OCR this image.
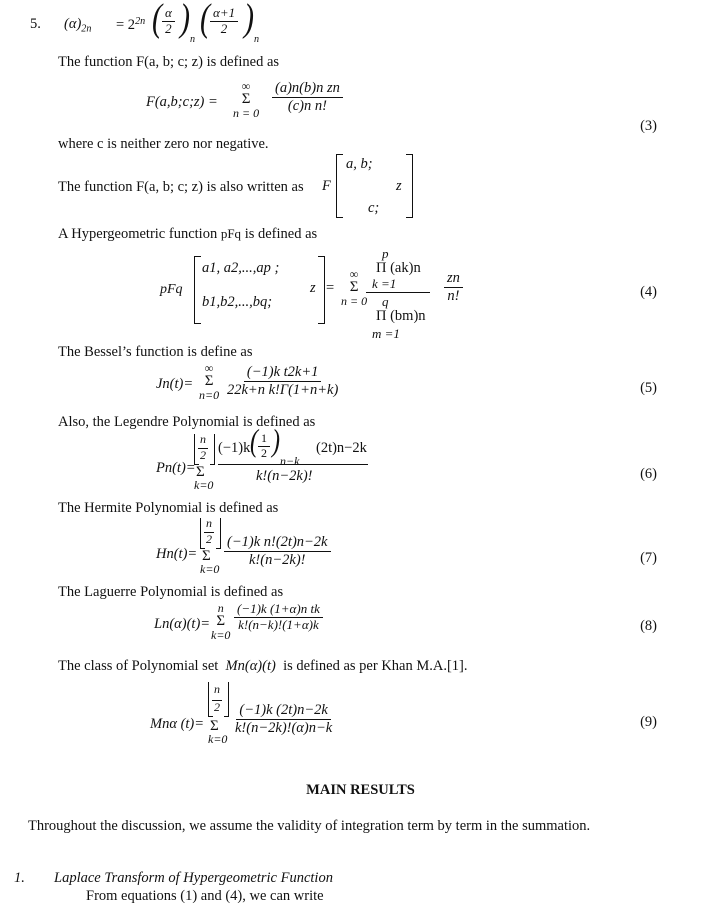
5. $(\alpha)_{2n} = 2^{2n}$ ( $\frac{\alpha}{2}$ ) n ( $\frac{\alpha+1}{2}$ ) n
The function F(a, b; c; z) is defined as
F(a,b;c;z) =
∞
Σ
$n = 0 \frac{\text{(a)n(b)n zn}}{\text{(c)n n!}}$
(3)
where c is neither zero nor negative.
The function F(a, b; c; z) is also written as F
a, b;
z
c;
A Hypergeometric function pFq is defined as
pFq
a1, a2,...,ap ;
b1,b2,...,bq;
z =
∞
Σ
n = 0
p
Π (ak)n
k =1
q
Π (bm)n
m =1
$\frac{zn}{n!}$	(4)
The Bessel’s function is define as
Jn(t)=
∞
Σ
$n=0 \frac{\text{(−1)k t2k+1}}{\text{22k+n k!Γ(1+n+k)}}$	(5)
Also, the Legendre Polynomial is defined as
Pn(t)=
n
2
Σ
k=0
(−1)k ( $\frac{1}{2}$ )
n−k
(2t)n−2k
k!(n−2k)!	(6)
The Hermite Polynomial is defined as
Hn(t)=
n
2
Σ
k=0
$\frac{\text{(−1)k n!(2t)n−2k}}{k!(n-2k)!}$	(7)
The Laguerre Polynomial is defined as
Ln(α)(t)=
n
Σ
k=0
$\frac{\text{(−1)k (1+α)n tk}}{k!(n-k)!(1+\alpha)k}$	(8)
The class of Polynomial set Mn(α)(t) is defined as per Khan M.A.[1].
Mnα (t)=
n
2
Σ
k=0
$\frac{(-1)k (2t)n-2k}{k!(n-2k)!(\alpha)n-k}$	(9)
MAIN RESULTS
Throughout the discussion, we assume the validity of integration term by term in the summation.
1. Laplace Transform of Hypergeometric Function
From equations (1) and (4), we can write
